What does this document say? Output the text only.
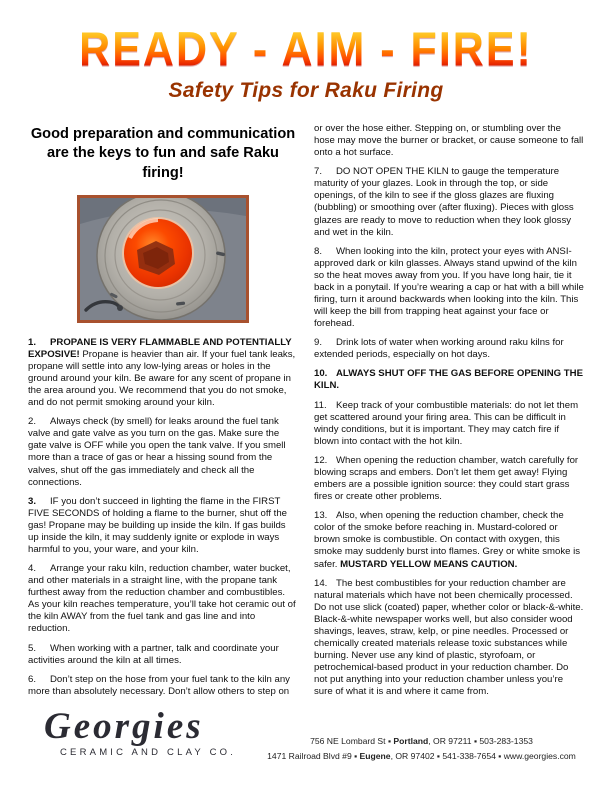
READY - AIM - FIRE!
Safety Tips for Raku Firing

Good preparation and communication
are the keys to fun and safe Raku firing!

1. PROPANE IS VERY FLAMMABLE AND POTENTIALLY EXPOSIVE! Propane is heavier than air. If your fuel tank leaks, propane will settle into any low-lying areas or holes in the ground around your kiln. Be aware for any scent of propane in the area around you. We recommend that you do not smoke, and do not permit smoking around your kiln.

2. Always check (by smell) for leaks around the fuel tank valve and gate valve as you turn on the gas. Make sure the gate valve is OFF while you open the tank valve. If you smell more than a trace of gas or hear a hissing sound from the valves, shut off the gas immediately and check all the connections.

3. IF you don’t succeed in lighting the flame in the FIRST FIVE SECONDS of holding a flame to the burner, shut off the gas! Propane may be building up inside the kiln. If gas builds up inside the kiln, it may suddenly ignite or explode in ways harmful to you, your ware, and your kiln.

4. Arrange your raku kiln, reduction chamber, water bucket, and other materials in a straight line, with the propane tank furthest away from the reduction chamber and combustibles. As your kiln reaches temperature, you’ll take hot ceramic out of the kiln AWAY from the fuel tank and gas line and into reduction.

5. When working with a partner, talk and coordinate your activities around the kiln at all times.

6. Don’t step on the hose from your fuel tank to the kiln any more than absolutely necessary. Don’t allow others to step on

or over the hose either. Stepping on, or stumbling over the hose may move the burner or bracket, or cause someone to fall onto a hot surface.

7. DO NOT OPEN THE KILN to gauge the temperature maturity of your glazes. Look in through the top, or side openings, of the kiln to see if the gloss glazes are fluxing (bubbling) or smoothing over (after fluxing). Pieces with gloss glazes are ready to move to reduction when they look glossy and wet in the kiln.

8. When looking into the kiln, protect your eyes with ANSI-approved dark or kiln glasses. Always stand upwind of the kiln so the heat moves away from you. If you have long hair, tie it back in a ponytail. If you’re wearing a cap or hat with a bill while firing, turn it around backwards when looking into the kiln. This will keep the bill from trapping heat against your face or forehead.

9. Drink lots of water when working around raku kilns for extended periods, especially on hot days.

10. ALWAYS SHUT OFF THE GAS BEFORE OPENING THE KILN.

11. Keep track of your combustible materials: do not let them get scattered around your firing area. This can be difficult in windy conditions, but it is important. They may catch fire if blown into contact with the hot kiln.

12. When opening the reduction chamber, watch carefully for blowing scraps and embers. Don’t let them get away! Flying embers are a possible ignition source: they could start grass fires or create other problems.

13. Also, when opening the reduction chamber, check the color of the smoke before reaching in. Mustard-colored or brown smoke is combustible. On contact with oxygen, this smoke may suddenly burst into flames. Grey or white smoke is safer. MUSTARD YELLOW MEANS CAUTION.

14. The best combustibles for your reduction chamber are natural materials which have not been chemically processed. Do not use slick (coated) paper, whether color or black-&-white. Black-&-white newspaper works well, but also consider wood shavings, leaves, straw, kelp, or pine needles. Processed or chemically created materials release toxic substances while burning. Never use any kind of plastic, styrofoam, or petrochemical-based product in your reduction chamber. Do not put anything into your reduction chamber unless you’re sure of what it is and where it came from.

Georgies
CERAMIC AND CLAY CO.

756 NE Lombard St ▪ Portland, OR 97211 ▪ 503-283-1353

1471 Railroad Blvd #9 ▪ Eugene, OR 97402 ▪ 541-338-7654 ▪ www.georgies.com
